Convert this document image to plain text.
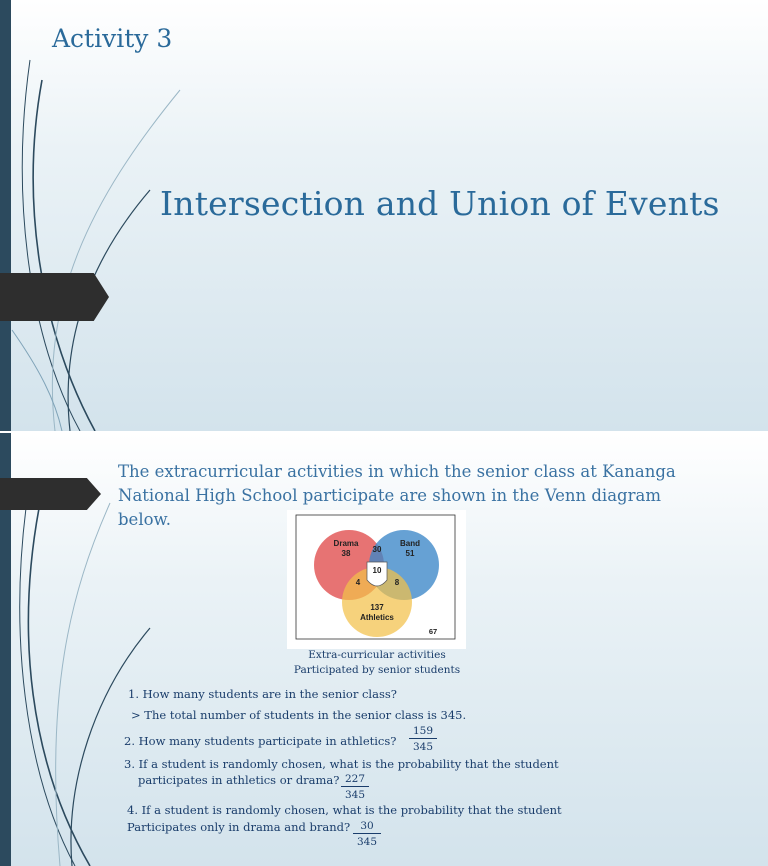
Activity 3
Intersection and Union of Events
The extracurricular activities in which the senior class at Kananga National High School participate are shown in the Venn diagram below.
Drama
38
Band
51
30
10
4	8
137
Athletics
67
Extra-curricular activities
Participated by senior students
1. How many students are in the senior class?
> The total number of students in the senior class is 345.
2. How many students participate in athletics? $\frac{159}{345}$
3. If a student is randomly chosen, what is the probability that the student
participates in athletics or drama? $\frac{227}{345}$
4. If a student is randomly chosen, what is the probability that the student
Participates only in drama and brand? $\frac{30}{345}$
